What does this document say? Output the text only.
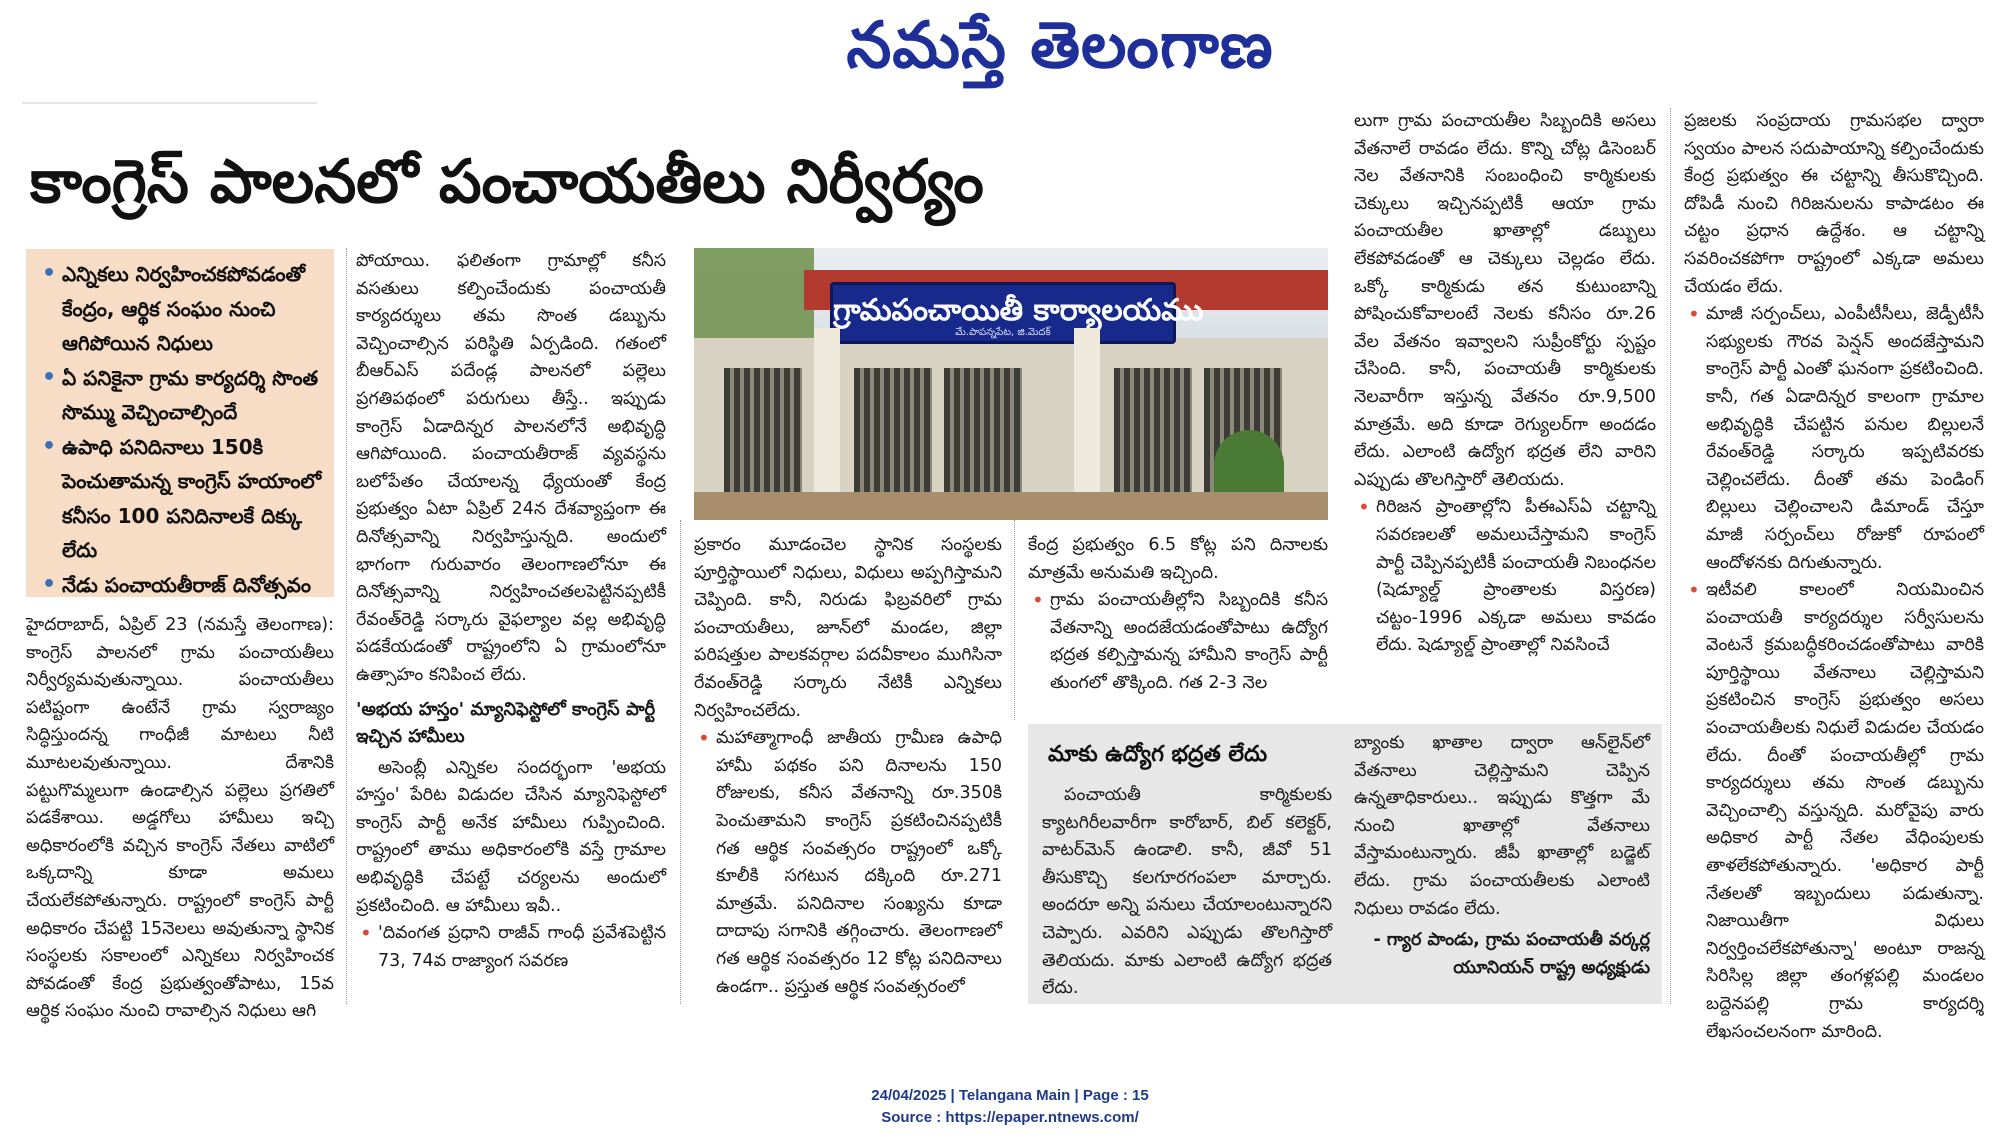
నమస్తే తెలంగాణ
కాంగ్రెస్ పాలనలో పంచాయతీలు నిర్వీర్యం
• ఎన్నికలు నిర్వహించకపోవడంతో కేంద్రం, ఆర్థిక సంఘం నుంచి ఆగిపోయిన నిధులు
• ఏ పనికైనా గ్రామ కార్యదర్శి సొంత సొమ్ము వెచ్చించాల్సిందే
• ఉపాధి పనిదినాలు 150కి పెంచుతామన్న కాంగ్రెస్ హయాంలో కనీసం 100 పనిదినాలకే దిక్కు లేదు
• నేడు పంచాయతీరాజ్ దినోత్సవం

హైదరాబాద్, ఏప్రిల్ 23 (నమస్తే తెలంగాణ): కాంగ్రెస్ పాలనలో గ్రామ పంచాయతీలు నిర్వీర్యమవుతున్నాయి. పంచాయతీలు పటిష్టంగా ఉంటేనే గ్రామ స్వరాజ్యం సిద్ధిస్తుందన్న గాంధీజీ మాటలు నీటి మూటలవుతున్నాయి. దేశానికి పట్టుగొమ్మలుగా ఉండాల్సిన పల్లెలు ప్రగతిలో పడకేశాయి. అడ్డగోలు హామీలు ఇచ్చి అధికారంలోకి వచ్చిన కాంగ్రెస్ నేతలు వాటిలో ఒక్కదాన్ని కూడా అమలు చేయలేకపోతున్నారు. రాష్ట్రంలో కాంగ్రెస్ పార్టీ అధికారం చేపట్టి 15నెలలు అవుతున్నా స్థానిక సంస్థలకు సకాలంలో ఎన్నికలు నిర్వహించక పోవడంతో కేంద్ర ప్రభుత్వంతోపాటు, 15వ ఆర్థిక సంఘం నుంచి రావాల్సిన నిధులు ఆగి

పోయాయి. ఫలితంగా గ్రామాల్లో కనీస వసతులు కల్పించేందుకు పంచాయతీ కార్యదర్శులు తమ సొంత డబ్బును వెచ్చించాల్సిన పరిస్థితి ఏర్పడింది. గతంలో బీఆర్ఎస్ పదేండ్ల పాలనలో పల్లెలు ప్రగతిపథంలో పరుగులు తీస్తే.. ఇప్పుడు కాంగ్రెస్ ఏడాదిన్నర పాలనలోనే అభివృద్ధి ఆగిపోయింది. పంచాయతీరాజ్ వ్యవస్థను బలోపేతం చేయాలన్న ధ్యేయంతో కేంద్ర ప్రభుత్వం ఏటా ఏప్రిల్ 24న దేశవ్యాప్తంగా ఈ దినోత్సవాన్ని నిర్వహిస్తున్నది. అందులో భాగంగా గురువారం తెలంగాణలోనూ ఈ దినోత్సవాన్ని నిర్వహించతలపెట్టినప్పటికీ రేవంత్‌రెడ్డి సర్కారు వైఫల్యాల వల్ల అభివృద్ధి పడకేయడంతో రాష్ట్రంలోని ఏ గ్రామంలోనూ ఉత్సాహం కనిపించ లేదు.

'అభయ హస్తం' మ్యానిఫెస్టోలో కాంగ్రెస్ పార్టీ ఇచ్చిన హామీలు

అసెంబ్లీ ఎన్నికల సందర్భంగా 'అభయ హస్తం' పేరిట విడుదల చేసిన మ్యానిఫెస్టోలో కాంగ్రెస్ పార్టీ అనేక హామీలు గుప్పించింది. రాష్ట్రంలో తాము అధికారంలోకి వస్తే గ్రామాల అభివృద్ధికి చేపట్టే చర్యలను అందులో ప్రకటించింది. ఆ హామీలు ఇవీ..

• 'దివంగత ప్రధాని రాజీవ్ గాంధీ ప్రవేశపెట్టిన 73, 74వ రాజ్యాంగ సవరణ

గ్రామపంచాయితీ కార్యాలయము
మే.పాపన్నపేట, జి.మెదక్

ప్రకారం మూడంచెల స్థానిక సంస్థలకు పూర్తిస్థాయిలో నిధులు, విధులు అప్పగిస్తామని చెప్పింది. కానీ, నిరుడు ఫిబ్రవరిలో గ్రామ పంచాయతీలు, జూన్‌లో మండల, జిల్లా పరిషత్తుల పాలకవర్గాల పదవీకాలం ముగిసినా రేవంత్‌రెడ్డి సర్కారు నేటికీ ఎన్నికలు నిర్వహించలేదు.

• మహాత్మాగాంధీ జాతీయ గ్రామీణ ఉపాధి హామీ పథకం పని దినాలను 150 రోజులకు, కనీస వేతనాన్ని రూ.350కి పెంచుతామని కాంగ్రెస్ ప్రకటించినప్పటికీ గత ఆర్థిక సంవత్సరం రాష్ట్రంలో ఒక్కో కూలీకి సగటున దక్కింది రూ.271 మాత్రమే. పనిదినాల సంఖ్యను కూడా దాదాపు సగానికి తగ్గించారు. తెలంగాణలో గత ఆర్థిక సంవత్సరం 12 కోట్ల పనిదినాలు ఉండగా.. ప్రస్తుత ఆర్థిక సంవత్సరంలో

కేంద్ర ప్రభుత్వం 6.5 కోట్ల పని దినాలకు మాత్రమే అనుమతి ఇచ్చింది.

• గ్రామ పంచాయతీల్లోని సిబ్బందికి కనీస వేతనాన్ని అందజేయడంతోపాటు ఉద్యోగ భద్రత కల్పిస్తామన్న హామీని కాంగ్రెస్ పార్టీ తుంగలో తొక్కింది. గత 2-3 నెల

మాకు ఉద్యోగ భద్రత లేదు

పంచాయతీ కార్మికులకు క్యాటగిరీలవారీగా కారోబార్, బిల్ కలెక్టర్, వాటర్‌మెన్ ఉండాలి. కానీ, జీవో 51 తీసుకొచ్చి కలగూరగంపలా మార్చారు. అందరూ అన్ని పనులు చేయాలంటున్నారని చెప్పారు. ఎవరిని ఎప్పుడు తొలగిస్తారో తెలియదు. మాకు ఎలాంటి ఉద్యోగ భద్రత లేదు.

బ్యాంకు ఖాతాల ద్వారా ఆన్‌లైన్‌లో వేతనాలు చెల్లిస్తామని చెప్పిన ఉన్నతాధికారులు.. ఇప్పుడు కొత్తగా మే నుంచి ఖాతాల్లో వేతనాలు వేస్తామంటున్నారు. జీపీ ఖాతాల్లో బడ్జెట్ లేదు. గ్రామ పంచాయతీలకు ఎలాంటి నిధులు రావడం లేదు.

- గ్యార పాండు, గ్రామ పంచాయతీ వర్కర్ల యూనియన్ రాష్ట్ర అధ్యక్షుడు

లుగా గ్రామ పంచాయతీల సిబ్బందికి అసలు వేతనాలే రావడం లేదు. కొన్ని చోట్ల డిసెంబర్ నెల వేతనానికి సంబంధించి కార్మికులకు చెక్కులు ఇచ్చినప్పటికీ ఆయా గ్రామ పంచాయతీల ఖాతాల్లో డబ్బులు లేకపోవడంతో ఆ చెక్కులు చెల్లడం లేదు. ఒక్కో కార్మికుడు తన కుటుంబాన్ని పోషించుకోవాలంటే నెలకు కనీసం రూ.26 వేల వేతనం ఇవ్వాలని సుప్రీంకోర్టు స్పష్టం చేసింది. కానీ, పంచాయతీ కార్మికులకు నెలవారీగా ఇస్తున్న వేతనం రూ.9,500 మాత్రమే. అది కూడా రెగ్యులర్‌గా అందడం లేదు. ఎలాంటి ఉద్యోగ భద్రత లేని వారిని ఎప్పుడు తొలగిస్తారో తెలియదు.

• గిరిజన ప్రాంతాల్లోని పీఈఎస్ఏ చట్టాన్ని సవరణలతో అమలుచేస్తామని కాంగ్రెస్ పార్టీ చెప్పినప్పటికీ పంచాయతీ నిబంధనల (షెడ్యూల్డ్ ప్రాంతాలకు విస్తరణ) చట్టం-1996 ఎక్కడా అమలు కావడం లేదు. షెడ్యూల్డ్ ప్రాంతాల్లో నివసించే

ప్రజలకు సంప్రదాయ గ్రామసభల ద్వారా స్వయం పాలన సదుపాయాన్ని కల్పించేందుకు కేంద్ర ప్రభుత్వం ఈ చట్టాన్ని తీసుకొచ్చింది. దోపిడీ నుంచి గిరిజనులను కాపాడటం ఈ చట్టం ప్రధాన ఉద్దేశం. ఆ చట్టాన్ని సవరించకపోగా రాష్ట్రంలో ఎక్కడా అమలు చేయడం లేదు.

• మాజీ సర్పంచ్‌లు, ఎంపీటీసీలు, జెడ్పీటీసీ సభ్యులకు గౌరవ పెన్షన్ అందజేస్తామని కాంగ్రెస్ పార్టీ ఎంతో ఘనంగా ప్రకటించింది. కానీ, గత ఏడాదిన్నర కాలంగా గ్రామాల అభివృద్ధికి చేపట్టిన పనుల బిల్లులనే రేవంత్‌రెడ్డి సర్కారు ఇప్పటివరకు చెల్లించలేదు. దీంతో తమ పెండింగ్ బిల్లులు చెల్లించాలని డిమాండ్ చేస్తూ మాజీ సర్పంచ్‌లు రోజుకో రూపంలో ఆందోళనకు దిగుతున్నారు.

• ఇటీవలి కాలంలో నియమించిన పంచాయతీ కార్యదర్శుల సర్వీసులను వెంటనే క్రమబద్ధీకరించడంతోపాటు వారికి పూర్తిస్థాయి వేతనాలు చెల్లిస్తామని ప్రకటించిన కాంగ్రెస్ ప్రభుత్వం అసలు పంచాయతీలకు నిధులే విడుదల చేయడం లేదు. దీంతో పంచాయతీల్లో గ్రామ కార్యదర్శులు తమ సొంత డబ్బును వెచ్చించాల్సి వస్తున్నది. మరోవైపు వారు అధికార పార్టీ నేతల వేధింపులకు తాళలేకపోతున్నారు. 'అధికార పార్టీ నేతలతో ఇబ్బందులు పడుతున్నా. నిజాయితీగా విధులు నిర్వర్తించలేకపోతున్నా' అంటూ రాజన్న సిరిసిల్ల జిల్లా తంగళ్లపల్లి మండలం బద్దెనపల్లి గ్రామ కార్యదర్శి లేఖసంచలనంగా మారింది.

24/04/2025 | Telangana Main | Page : 15
Source : https://epaper.ntnews.com/
